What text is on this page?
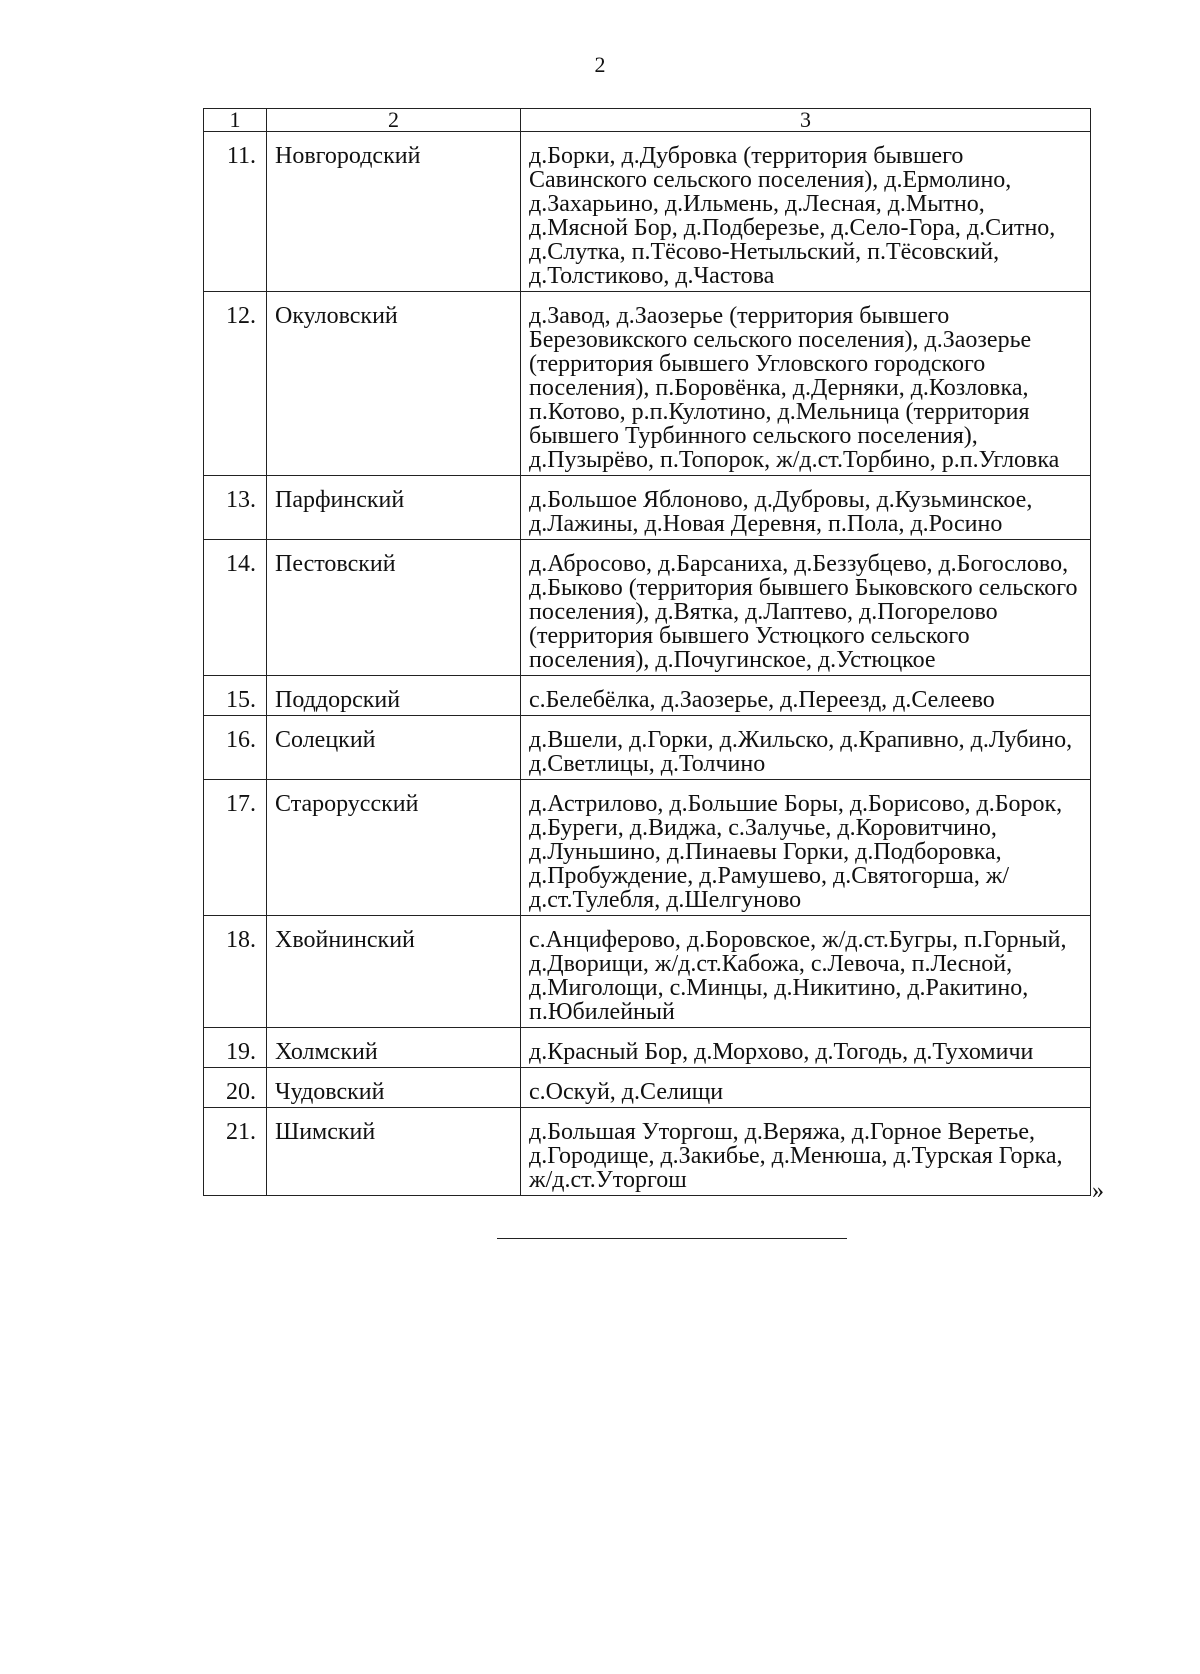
2
1	2	3
11.	Новгородский	д.Борки, д.Дубровка (территория бывшего Савинского сельского поселения), д.Ермолино, д.Захарьино, д.Ильмень, д.Лесная, д.Мытно, д.Мясной Бор, д.Подберезье, д.Село-Гора, д.Ситно, д.Слутка, п.Тёсово-Нетыльский, п.Тёсовский, д.Толстиково, д.Частова
12.	Окуловский	д.Завод, д.Заозерье (территория бывшего Березовикского сельского поселения), д.Заозерье (территория бывшего Угловского городского поселения), п.Боровёнка, д.Дерняки, д.Козловка, п.Котово, р.п.Кулотино, д.Мельница (территория бывшего Турбинного сельского поселения), д.Пузырёво, п.Топорок, ж/д.ст.Торбино, р.п.Угловка
13.	Парфинский	д.Большое Яблоново, д.Дубровы, д.Кузьминское, д.Лажины, д.Новая Деревня, п.Пола, д.Росино
14.	Пестовский	д.Абросово, д.Барсаниха, д.Беззубцево, д.Богослово, д.Быково (территория бывшего Быковского сельского поселения), д.Вятка, д.Лаптево, д.Погорелово (территория бывшего Устюцкого сельского поселения), д.Почугинское, д.Устюцкое
15.	Поддорский	с.Белебёлка, д.Заозерье, д.Переезд, д.Селеево
16.	Солецкий	д.Вшели, д.Горки, д.Жильско, д.Крапивно, д.Лубино, д.Светлицы, д.Толчино
17.	Старорусский	д.Астрилово, д.Большие Боры, д.Борисово, д.Борок, д.Буреги, д.Виджа, с.Залучье, д.Коровитчино, д.Луньшино, д.Пинаевы Горки, д.Подборовка, д.Пробуждение, д.Рамушево, д.Святогорша, ж/д.ст.Тулебля, д.Шелгуново
18.	Хвойнинский	с.Анциферово, д.Боровское, ж/д.ст.Бугры, п.Горный, д.Дворищи, ж/д.ст.Кабожа, с.Левоча, п.Лесной, д.Миголощи, с.Минцы, д.Никитино, д.Ракитино, п.Юбилейный
19.	Холмский	д.Красный Бор, д.Морхово, д.Тогодь, д.Тухомичи
20.	Чудовский	с.Оскуй, д.Селищи
21.	Шимский	д.Большая Уторгош, д.Веряжа, д.Горное Веретье, д.Городище, д.Закибье, д.Менюша, д.Турская Горка, ж/д.ст.Уторгош	»
